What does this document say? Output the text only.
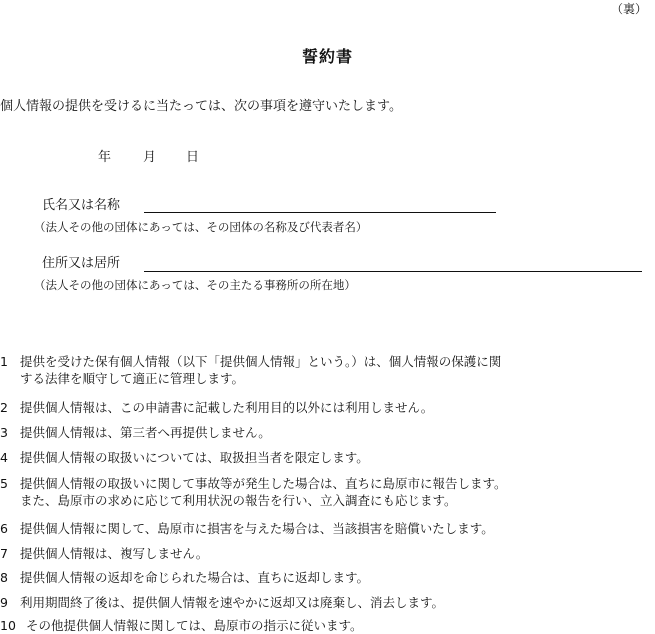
（裏）
誓約書
個人情報の提供を受けるに当たっては、次の事項を遵守いたします。
年 月 日
氏名又は名称
（法人その他の団体にあっては、その団体の名称及び代表者名）
住所又は居所
（法人その他の団体にあっては、その主たる事務所の所在地）
1 提供を受けた保有個人情報（以下「提供個人情報」という。）は、個人情報の保護に関
する法律を順守して適正に管理します。
2 提供個人情報は、この申請書に記載した利用目的以外には利用しません。
3 提供個人情報は、第三者へ再提供しません。
4 提供個人情報の取扱いについては、取扱担当者を限定します。
5 提供個人情報の取扱いに関して事故等が発生した場合は、直ちに島原市に報告します。
また、島原市の求めに応じて利用状況の報告を行い、立入調査にも応じます。
6 提供個人情報に関して、島原市に損害を与えた場合は、当該損害を賠償いたします。
7 提供個人情報は、複写しません。
8 提供個人情報の返却を命じられた場合は、直ちに返却します。
9 利用期間終了後は、提供個人情報を速やかに返却又は廃棄し、消去します。
10 その他提供個人情報に関しては、島原市の指示に従います。
